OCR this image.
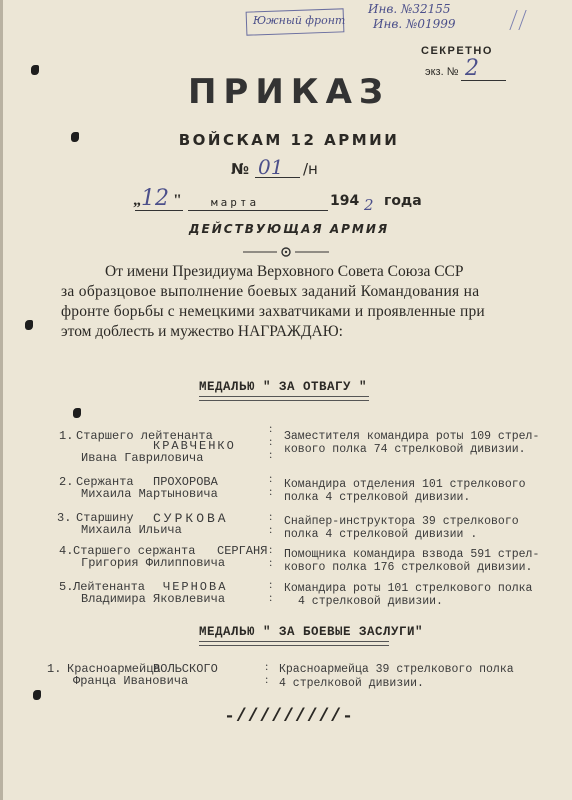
Южный фронт
Инв. №32155
Инв. №01999
СЕКРЕТНО
экз. № 2
ПРИКАЗ
ВОЙСКАМ 12 АРМИИ
№ 01 /н
„ 12 "	марта	194 2 года
ДЕЙСТВУЮЩАЯ АРМИЯ
От имени Президиума Верховного Совета Союза ССР
за образцовое выполнение боевых заданий Командования на
фронте борьбы с немецкими захватчиками и проявленные при
этом доблесть и мужество НАГРАЖДАЮ:
МЕДАЛЬЮ " ЗА ОТВАГУ "
1. Старшего лейтенанта
КРАВЧЕНКО
Ивана Гавриловича
:
:
:
Заместителя командира роты 109 стрел-
кового полка 74 стрелковой дивизии.
2. Сержанта ПРОХОРОВА
Михаила Мартыновича
:
: Командира отделения 101 стрелкового
полка 4 стрелковой дивизии.
3. Старшину СУРКОВА
Михаила Ильича
:
:
Снайпер-инструктора 39 стрелкового
полка 4 стрелковой дивизии .
4. Старшего сержанта СЕРГАНЯ
Григория Филипповича
:
:
Помощника командира взвода 591 стрел-
кового полка 176 стрелковой дивизии.
5. Лейтенанта ЧЕРНОВА
Владимира Яковлевича
:
:
Командира роты 101 стрелкового полка
4 стрелковой дивизии.
МЕДАЛЬЮ " ЗА БОЕВЫЕ ЗАСЛУГИ"
1. Красноармейца
ВОЛЬСКОГО
Франца Ивановича
:
:
Красноармейца 39 стрелкового полка
4 стрелковой дивизии.
-/////////-
